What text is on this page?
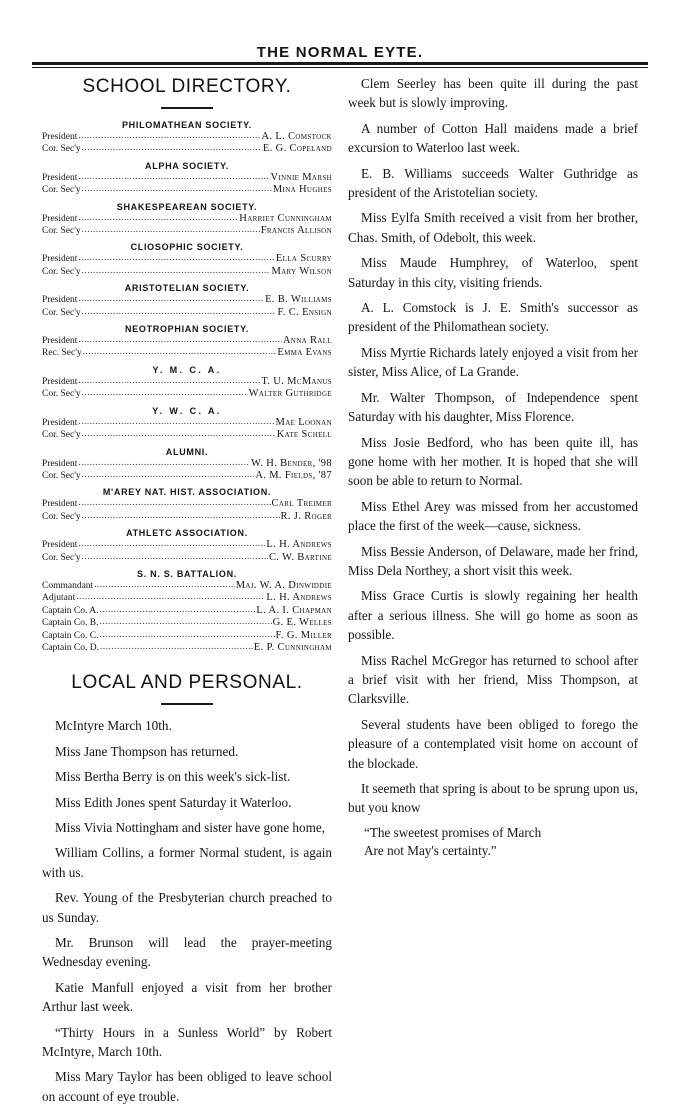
THE NORMAL EYTE.
SCHOOL DIRECTORY.
PHILOMATHEAN SOCIETY.
President .....	A. L. Comstock
Cor. Sec'y .....	E. G. Copeland
ALPHA SOCIETY.
President .....	Vinnie Marsh
Cor. Sec'y .....	Mina Hughes
SHAKESPEAREAN SOCIETY.
President .....	Harriet Cunningham
Cor. Sec'y .....	Francis Allison
CLIOSOPHIC SOCIETY.
President .....	Ella Scurry
Cor. Sec'y .....	Mary Wilson
ARISTOTELIAN SOCIETY.
President .....	E. B. Williams
Cor. Sec'y .....	F. C. Ensign
NEOTROPHIAN SOCIETY.
President .....	Anna Rall
Rec. Sec'y .....	Emma Evans
Y. M. C. A.
President .....	T. U. McManus
Cor. Sec'y .....	Walter Guthridge
Y. W. C. A.
President .....	Mae Loonan
Cor. Sec'y .....	Kate Schell
ALUMNI.
President .....	W. H. Bender, '98
Cor. Sec'y .....	A. M. Fields, '87
M'AREY NAT. HIST. ASSOCIATION.
President .....	Carl Treimer
Cor. Sec'y .....	R. J. Roger
ATHLETC ASSOCIATION.
President .....	L. H. Andrews
Cor. Sec'y .....	C. W. Bartine
S. N. S. BATTALION.
Commandant .....	Maj. W. A. Dinwiddie
Adjutant .....	L. H. Andrews
Captain Co. A. .....	L. A. I. Chapman
Captain Co. B. .....	G. E. Welles
Captain Co. C. .....	F. G. Miller
Captain Co. D. .....	E. P. Cunningham
LOCAL AND PERSONAL.

McIntyre March 10th.

Miss Jane Thompson has returned.

Miss Bertha Berry is on this week's sick-list.

Miss Edith Jones spent Saturday it Waterloo.

Miss Vivia Nottingham and sister have gone home,

William Collins, a former Normal student, is again with us.

Rev. Young of the Presbyterian church preached to us Sunday.

Mr. Brunson will lead the prayer-meeting Wednesday evening.

Katie Manfull enjoyed a visit from her brother Arthur last week.

“Thirty Hours in a Sunless World” by Robert McIntyre, March 10th.

Miss Mary Taylor has been obliged to leave school on account of eye trouble.

Clem Seerley has been quite ill during the past week but is slowly improving.

A number of Cotton Hall maidens made a brief excursion to Waterloo last week.

E. B. Williams succeeds Walter Guthridge as president of the Aristotelian society.

Miss Eylfa Smith received a visit from her brother, Chas. Smith, of Odebolt, this week.

Miss Maude Humphrey, of Waterloo, spent Saturday in this city, visiting friends.

A. L. Comstock is J. E. Smith's successor as president of the Philomathean society.

Miss Myrtie Richards lately enjoyed a visit from her sister, Miss Alice, of La Grande.

Mr. Walter Thompson, of Independence spent Saturday with his daughter, Miss Florence.

Miss Josie Bedford, who has been quite ill, has gone home with her mother. It is hoped that she will soon be able to return to Normal.

Miss Ethel Arey was missed from her accustomed place the first of the week—cause, sickness.

Miss Bessie Anderson, of Delaware, made her frind, Miss Dela Northey, a short visit this week.

Miss Grace Curtis is slowly regaining her health after a serious illness. She will go home as soon as possible.

Miss Rachel McGregor has returned to school after a brief visit with her friend, Miss Thompson, at Clarksville.

Several students have been obliged to forego the pleasure of a contemplated visit home on account of the blockade.

It seemeth that spring is about to be sprung upon us, but you know

“The sweetest promises of March
Are not May's certainty.”
